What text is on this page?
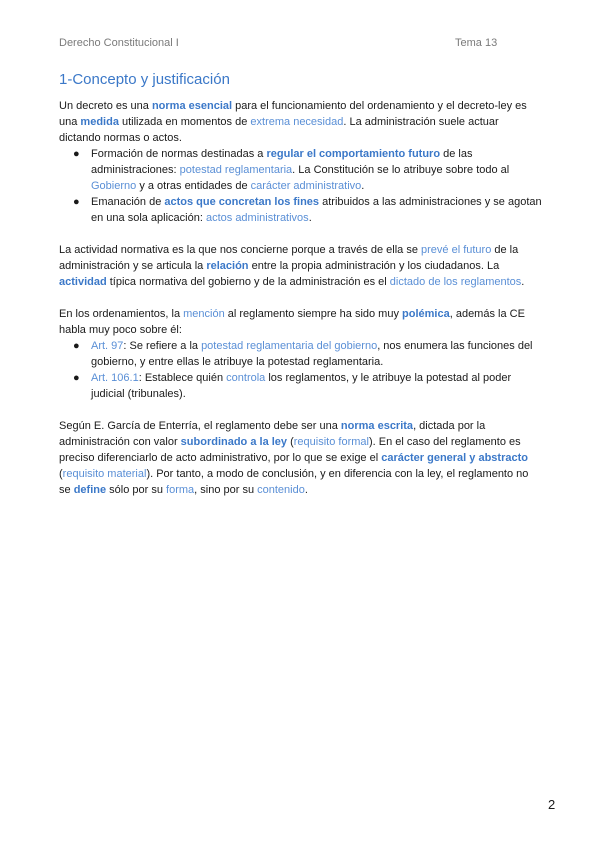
Derecho Constitucional I	Tema 13
1-Concepto y justificación

Un decreto es una norma esencial para el funcionamiento del ordenamiento y el decreto-ley es una medida utilizada en momentos de extrema necesidad. La administración suele actuar dictando normas o actos.

● Formación de normas destinadas a regular el comportamiento futuro de las administraciones: potestad reglamentaria. La Constitución se lo atribuye sobre todo al Gobierno y a otras entidades de carácter administrativo.
● Emanación de actos que concretan los fines atribuidos a las administraciones y se agotan en una sola aplicación: actos administrativos.

La actividad normativa es la que nos concierne porque a través de ella se prevé el futuro de la administración y se articula la relación entre la propia administración y los ciudadanos. La actividad típica normativa del gobierno y de la administración es el dictado de los reglamentos.

En los ordenamientos, la mención al reglamento siempre ha sido muy polémica, además la CE habla muy poco sobre él:

● Art. 97: Se refiere a la potestad reglamentaria del gobierno, nos enumera las funciones del gobierno, y entre ellas le atribuye la potestad reglamentaria.
● Art. 106.1: Establece quién controla los reglamentos, y le atribuye la potestad al poder judicial (tribunales).

Según E. García de Enterría, el reglamento debe ser una norma escrita, dictada por la administración con valor subordinado a la ley (requisito formal). En el caso del reglamento es preciso diferenciarlo de acto administrativo, por lo que se exige el carácter general y abstracto (requisito material). Por tanto, a modo de conclusión, y en diferencia con la ley, el reglamento no se define sólo por su forma, sino por su contenido.

2
